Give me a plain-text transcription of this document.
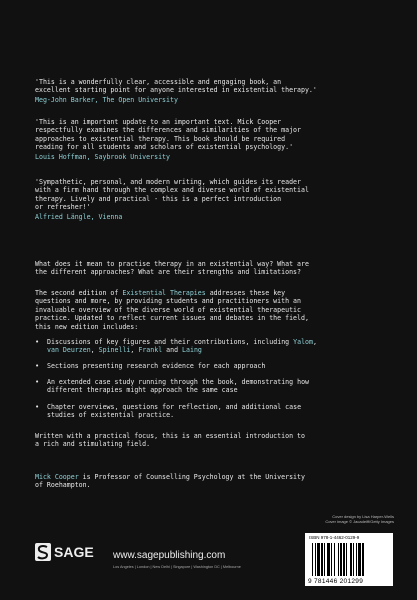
'This is a wonderfully clear, accessible and engaging book, an
excellent starting point for anyone interested in existential therapy.'
Meg-John Barker, The Open University
'This is an important update to an important text. Mick Cooper
respectfully examines the differences and similarities of the major
approaches to existential therapy. This book should be required
reading for all students and scholars of existential psychology.'
Louis Hoffman, Saybrook University
'Sympathetic, personal, and modern writing, which guides its reader
with a firm hand through the complex and diverse world of existential
therapy. Lively and practical - this is a perfect introduction
or refresher!'
Alfried Längle, Vienna
What does it mean to practise therapy in an existential way? What are
the different approaches? What are their strengths and limitations?
The second edition of Existential Therapies addresses these key
questions and more, by providing students and practitioners with an
invaluable overview of the diverse world of existential therapeutic
practice. Updated to reflect current issues and debates in the field,
this new edition includes:
•	Discussions of key figures and their contributions, including Yalom,
van Deurzen, Spinelli, Frankl and Laing
•	Sections presenting research evidence for each approach
•	An extended case study running through the book, demonstrating how
different therapies might approach the same case
•	Chapter overviews, questions for reflection, and additional case
studies of existential practice.
Written with a practical focus, this is an essential introduction to
a rich and stimulating field.
Mick Cooper is Professor of Counselling Psychology at the University
of Roehampton.
Cover design by Lisa Harper-Wells
Cover image © Jacadeiff/Getty Images
SAGE www.sagepublishing.com
Los Angeles | London | New Delhi | Singapore | Washington DC | Melbourne
ISBN 978-1-4462-0129-9
9 781446 201299
